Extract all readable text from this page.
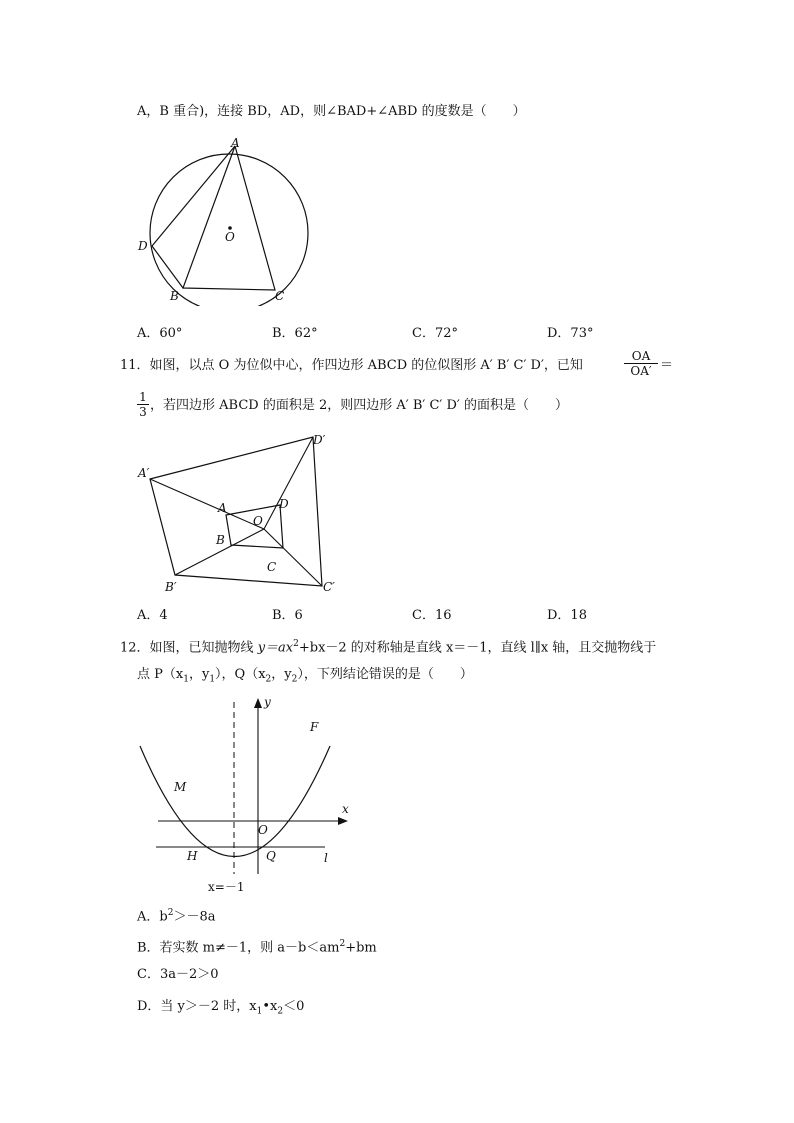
A，B 重合)，连接 BD，AD，则∠BAD+∠ABD 的度数是（　　）
A
D
O
B	C
A．60°	B．62°	C．72°	D．73°
11．如图，以点 O 为位似中心，作四边形 ABCD 的位似图形 A′ B′ C′ D′，已知	$\frac{OA}{OA'}$ ＝
$\frac{1}{3}$ ，若四边形 ABCD 的面积是 2，则四边形 A′ B′ C′ D′ 的面积是（　　）
A′
D′
A	D
O
B
C
B′	C′
A．4	B．6	C．16	D．18
12．如图，已知抛物线 $y=ax^2+bx-2$ 的对称轴是直线 x＝－1，直线 l∥x 轴，且交抛物线于
点 $P(x_1$，$y_1$），$Q(x_2$，$y_2$），下列结论错误的是（　　）
y
F
M
x
O
H	Q	l
x=－1
A．$b^2>-8a$
B．若实数 m≠－1，则 $a-b<am^2+bm$
C．3a－2＞0
D．当 y＞－2 时，$x_1•x_2<0$
